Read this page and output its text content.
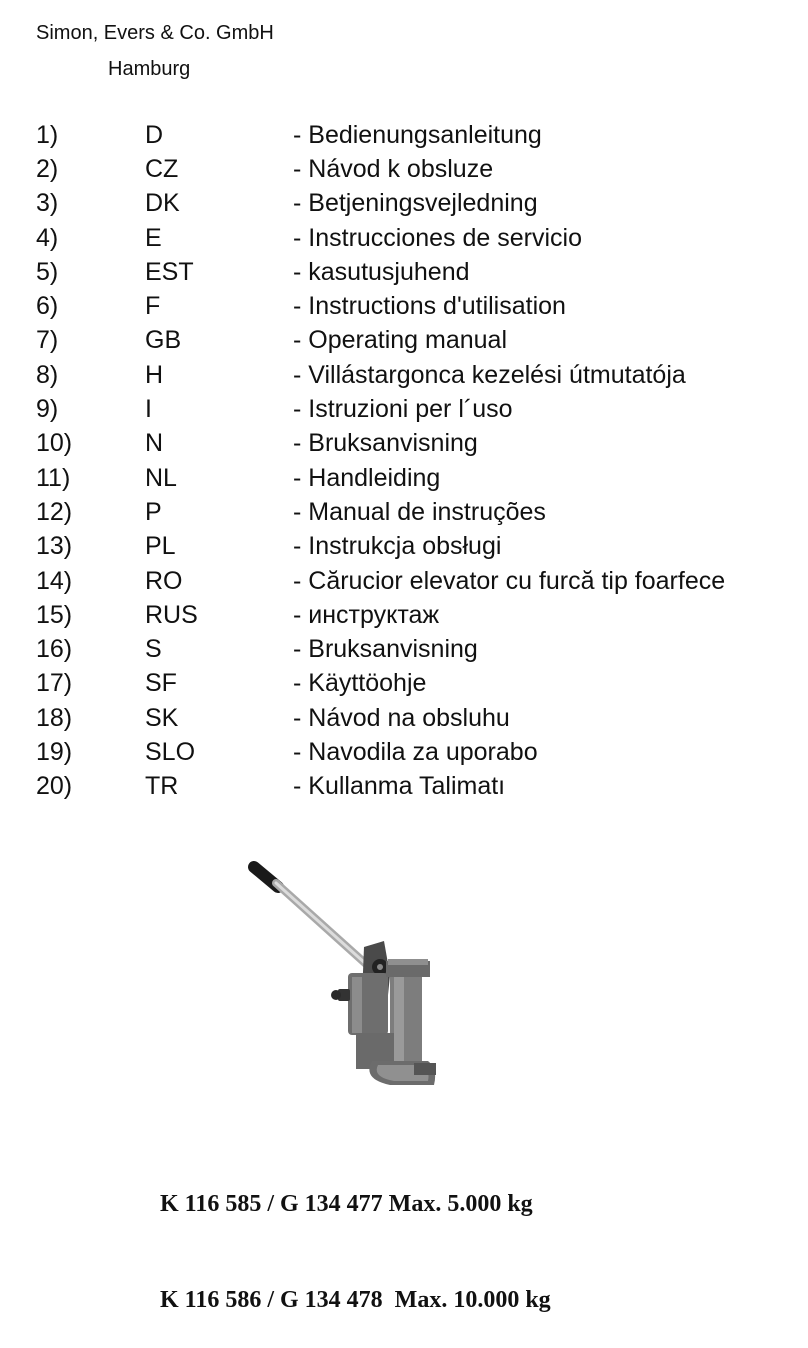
Simon, Evers & Co. GmbH
Hamburg
1)	D	- Bedienungsanleitung
2)	CZ	- Návod k obsluze
3)	DK	- Betjeningsvejledning
4)	E	- Instrucciones de servicio
5)	EST	- kasutusjuhend
6)	F	- Instructions d'utilisation
7)	GB	- Operating manual
8)	H	- Villástargonca kezelési útmutatója
9)	I	- Istruzioni per l´uso
10)	N	- Bruksanvisning
11)	NL	- Handleiding
12)	P	- Manual de instruções
13)	PL	- Instrukcja obsługi
14)	RO	- Cărucior elevator cu furcă tip foarfece
15)	RUS	- инструктаж
16)	S	- Bruksanvisning
17)	SF	- Käyttöohje
18)	SK	- Návod na obsluhu
19)	SLO	- Navodila za uporabo
20)	TR	- Kullanma Talimatı

K 116 585 / G 134 477 Max. 5.000 kg

K 116 586 / G 134 478  Max. 10.000 kg
